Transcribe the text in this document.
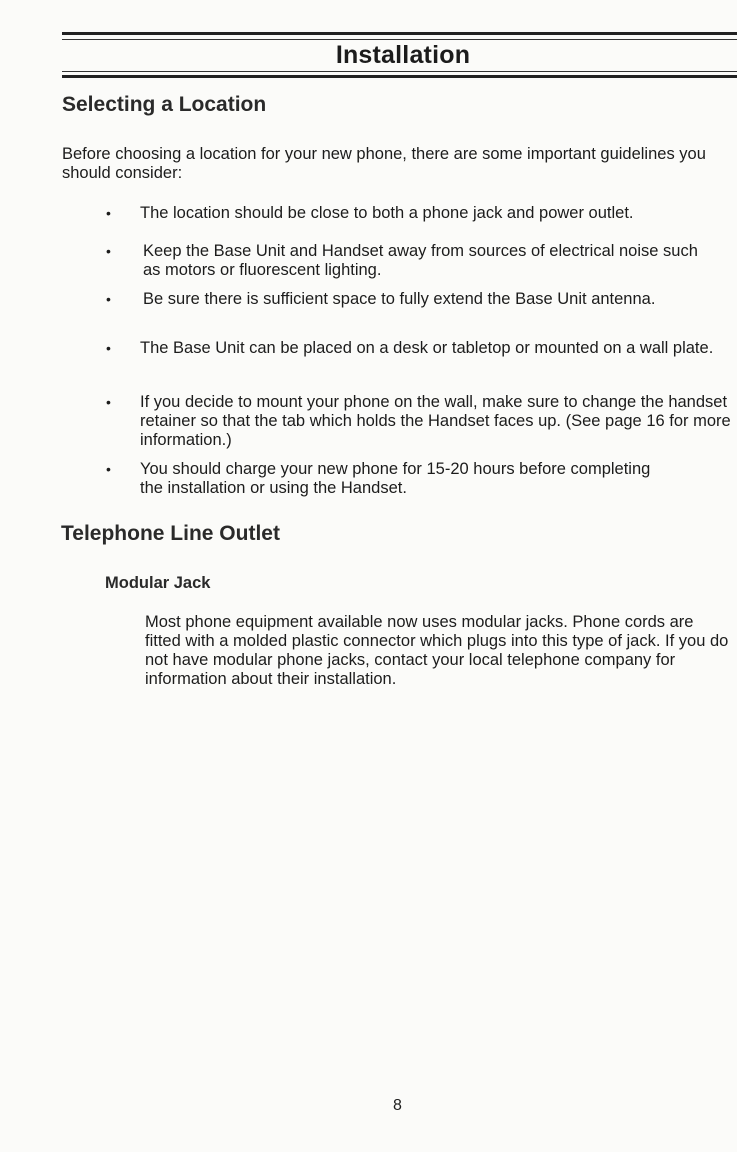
Installation
Selecting a Location
Before choosing a location for your new phone, there are some important guidelines you should consider:
• The location should be close to both a phone jack and power outlet.
• Keep the Base Unit and Handset away from sources of electrical noise such as motors or fluorescent lighting.
• Be sure there is sufficient space to fully extend the Base Unit antenna.
• The Base Unit can be placed on a desk or tabletop or mounted on a wall plate.
• If you decide to mount your phone on the wall, make sure to change the handset retainer so that the tab which holds the Handset faces up. (See page 16 for more information.)
• You should charge your new phone for 15-20 hours before completing the installation or using the Handset.
Telephone Line Outlet
Modular Jack
Most phone equipment available now uses modular jacks. Phone cords are fitted with a molded plastic connector which plugs into this type of jack. If you do not have modular phone jacks, contact your local telephone company for information about their installation.
8
